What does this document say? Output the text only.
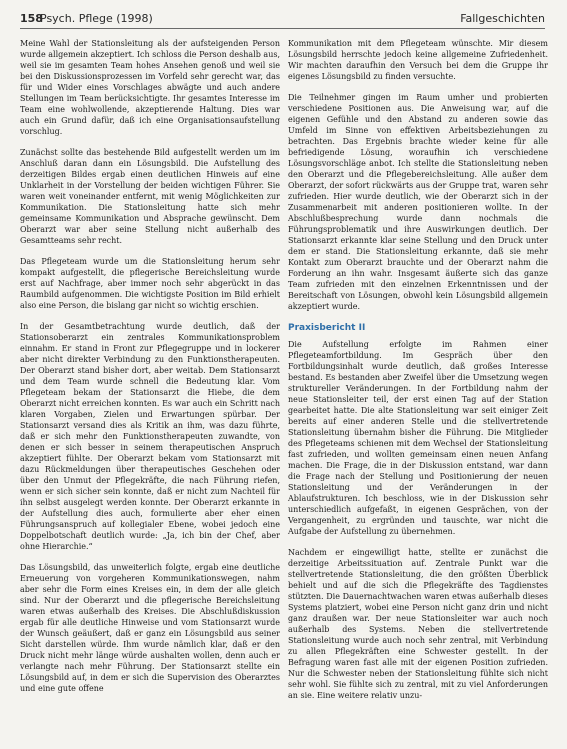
158
Psych. Pflege (1998)	Fallgeschichten

Meine Wahl der Stationsleitung als der aufsteigenden Person wurde allgemein akzeptiert. Ich schloss die Person deshalb aus, weil sie im gesamten Team hohes Ansehen genoß und weil sie bei den Diskussionsprozessen im Vorfeld sehr gerecht war, das für und Wider eines Vorschlages abwägte und auch andere Stellungen im Team berücksichtigte. Ihr gesamtes Interesse im Team eine wohlwollende, akzeptierende Haltung. Dies war auch ein Grund dafür, daß ich eine Organisationsaufstellung vorschlug.

Zunächst sollte das bestehende Bild aufgestellt werden um im Anschluß daran dann ein Lösungsbild. Die Aufstellung des derzeitigen Bildes ergab einen deutlichen Hinweis auf eine Unklarheit in der Vorstellung der beiden wichtigen Führer. Sie waren weit voneinander entfernt, mit wenig Möglichkeiten zur Kommunikation. Die Stationsleitung hatte sich mehr gemeinsame Kommunikation und Absprache gewünscht. Dem Oberarzt war aber seine Stellung nicht außerhalb des Gesamtteams sehr recht.

Das Pflegeteam wurde um die Stationsleitung herum sehr kompakt aufgestellt, die pflegerische Bereichsleitung wurde erst auf Nachfrage, aber immer noch sehr abgerückt in das Raumbild aufgenommen. Die wichtigste Position im Bild erhielt also eine Person, die bislang gar nicht so wichtig erschien.

In der Gesamtbetrachtung wurde deutlich, daß der Stationsoberarzt ein zentrales Kommunikationsproblem einnahm. Er stand in Front zur Pflegegruppe und in lockerer aber nicht direkter Verbindung zu den Funktionstherapeuten. Der Oberarzt stand bisher dort, aber weitab. Dem Stationsarzt und dem Team wurde schnell die Bedeutung klar. Vom Pflegeteam bekam der Stationsarzt die Hiebe, die dem Oberarzt nicht erreichen konnten. Es war auch ein Schritt nach klaren Vorgaben, Zielen und Erwartungen spürbar. Der Stationsarzt versand dies als Kritik an ihm, was dazu führte, daß er sich mehr den Funktionstherapeuten zuwandte, von denen er sich besser in seinem therapeutischen Anspruch akzeptiert fühlte. Der Oberarzt bekam vom Stationsarzt mit dazu Rückmeldungen über therapeutisches Geschehen oder über den Unmut der Pflegekräfte, die nach Führung riefen, wenn er sich sicher sein konnte, daß er nicht zum Nachteil für ihn selbst ausgelegt werden konnte. Der Oberarzt erkannte in der Aufstellung dies auch, formulierte aber eher einen Führungsanspruch auf kollegialer Ebene, wobei jedoch eine Doppelbotschaft deutlich wurde: „Ja, ich bin der Chef, aber ohne Hierarchie.“

Das Lösungsbild, das unweiterlich folgte, ergab eine deutliche Erneuerung von vorgeheren Kommunikationswegen, nahm aber sehr die Form eines Kreises ein, in dem der alle gleich sind. Nur der Oberarzt und die pflegerische Bereichsleitung waren etwas außerhalb des Kreises. Die Abschlußdiskussion ergab für alle deutliche Hinweise und vom Stationsarzt wurde der Wunsch geäußert, daß er ganz ein Lösungsbild aus seiner Sicht darstellen würde. Ihm wurde nämlich klar, daß er den Druck nicht mehr länge würde aushalten wollen, denn auch er verlangte nach mehr Führung. Der Stationsarzt stellte ein Lösungsbild auf, in dem er sich die Supervision des Oberarztes und eine gute offene

Kommunikation mit dem Pflegeteam wünschte. Mir diesem Lösungsbild herrschte jedoch keine allgemeine Zufriedenheit. Wir machten daraufhin den Versuch bei dem die Gruppe ihr eigenes Lösungsbild zu finden versuchte.

Die Teilnehmer gingen im Raum umher und probierten verschiedene Positionen aus. Die Anweisung war, auf die eigenen Gefühle und den Abstand zu anderen sowie das Umfeld im Sinne von effektiven Arbeitsbeziehungen zu betrachten. Das Ergebnis brachte wieder keine für alle befriedigende Lösung, woraufhin ich verschiedene Lösungsvorschläge anbot. Ich stellte die Stationsleitung neben den Oberarzt und die Pflegebereichsleitung. Alle außer dem Oberarzt, der sofort rückwärts aus der Gruppe trat, waren sehr zufrieden. Hier wurde deutlich, wie der Oberarzt sich in der Zusammenarbeit mit anderen positionieren wollte. In der Abschlußbesprechung wurde dann nochmals die Führungsproblematik und ihre Auswirkungen deutlich. Der Stationsarzt erkannte klar seine Stellung und den Druck unter dem er stand. Die Stationsleitung erkannte, daß sie mehr Kontakt zum Oberarzt brauchte und der Oberarzt nahm die Forderung an ihn wahr. Insgesamt äußerte sich das ganze Team zufrieden mit den einzelnen Erkenntnissen und der Bereitschaft von Lösungen, obwohl kein Lösungsbild allgemein akzeptiert wurde.

Praxisbericht II

Die Aufstellung erfolgte im Rahmen einer Pflegeteamfortbildung. Im Gespräch über den Fortbildungsinhalt wurde deutlich, daß großes Interesse bestand. Es bestanden aber Zweifel über die Umsetzung wegen struktureller Veränderungen. In der Fortbildung nahm der neue Stationsleiter teil, der erst einen Tag auf der Station gearbeitet hatte. Die alte Stationsleitung war seit einiger Zeit bereits auf einer anderen Stelle und die stellvertretende Stationsleitung übernahm bisher die Führung. Die Mitglieder des Pflegeteams schienen mit dem Wechsel der Stationsleitung fast zufrieden, und wollten gemeinsam einen neuen Anfang machen. Die Frage, die in der Diskussion entstand, war dann die Frage nach der Stellung und Positionierung der neuen Stationsleitung und der Veränderungen in der Ablaufstrukturen. Ich beschloss, wie in der Diskussion sehr unterschiedlich aufgefaßt, in eigenen Gesprächen, von der Vergangenheit, zu ergründen und tauschte, war nicht die Aufgabe der Aufstellung zu übernehmen.

Nachdem er eingewilligt hatte, stellte er zunächst die derzeitige Arbeitssituation auf. Zentrale Punkt war die stellvertretende Stationsleitung, die den größten Überblick behielt und auf die sich die Pflegekräfte des Tagdienstes stützten. Die Dauernachtwachen waren etwas außerhalb dieses Systems platziert, wobei eine Person nicht ganz drin und nicht ganz draußen war. Der neue Stationsleiter war auch noch außerhalb des Systems. Neben die stellvertretende Stationsleitung wurde auch noch sehr zentral, mit Verbindung zu allen Pflegekräften eine Schwester gestellt. In der Befragung waren fast alle mit der eigenen Position zufrieden. Nur die Schwester neben der Stationsleitung fühlte sich nicht sehr wohl. Sie fühlte sich zu zentral, mit zu viel Anforderungen an sie. Eine weitere relativ unzu-
